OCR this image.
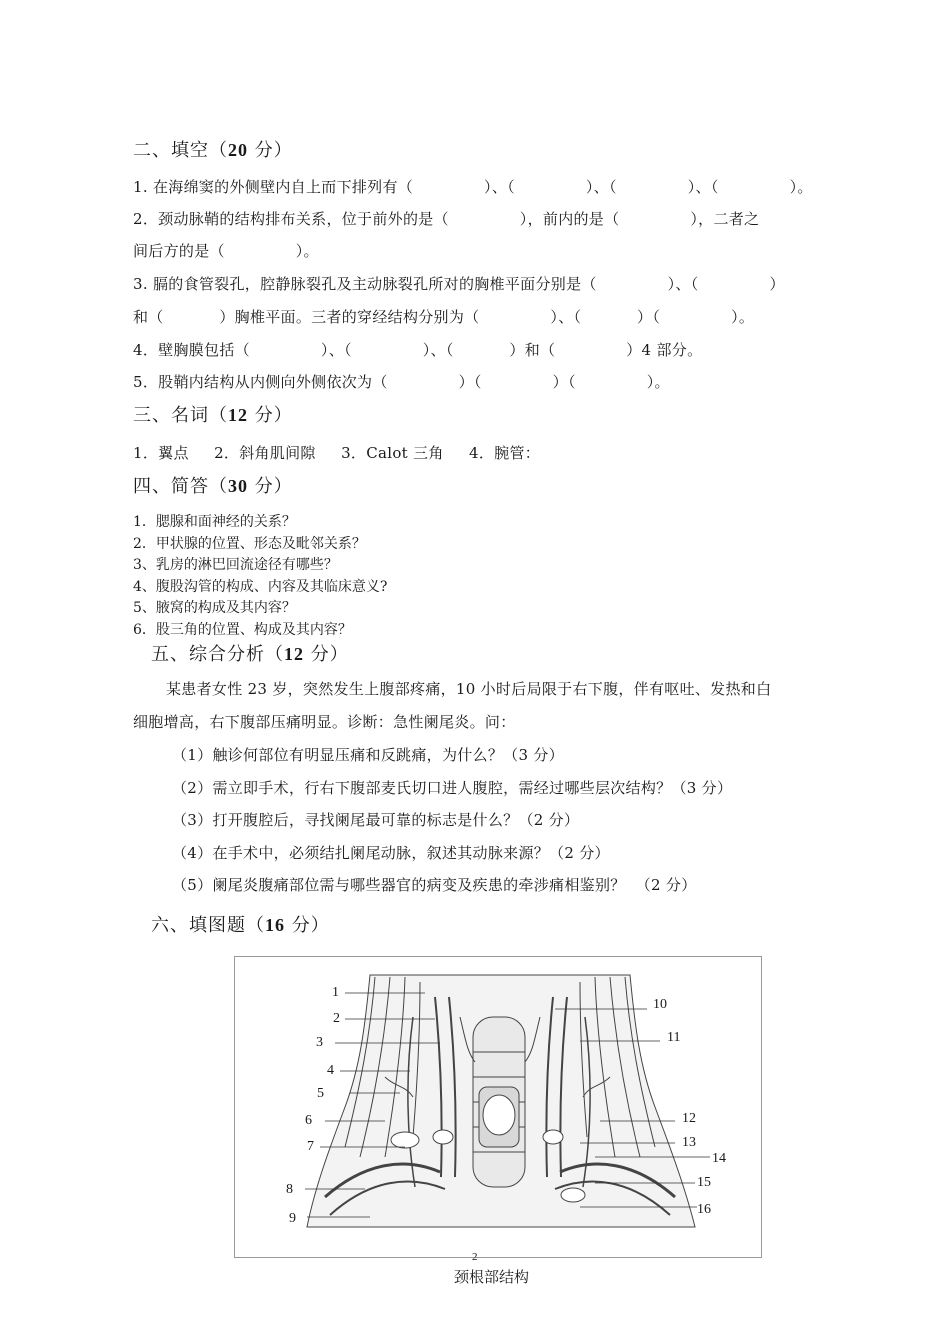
二、填空（20 分）
1. 在海绵窦的外侧壁内自上而下排列有（              ）、（              ）、（              ）、（              ）。
2．颈动脉鞘的结构排布关系，位于前外的是（              ），前内的是（              ），二者之
间后方的是（              ）。
3. 膈的食管裂孔，腔静脉裂孔及主动脉裂孔所对的胸椎平面分别是（              ）、（              ）
和（           ）胸椎平面。三者的穿经结构分别为（              ）、（           ）（              ）。
4．壁胸膜包括（              ）、（              ）、（           ）和（              ）4 部分。
5．股鞘内结构从内侧向外侧依次为（              ）（              ）（              ）。
三、名词（12 分）
1．翼点     2．斜角肌间隙     3．Calot 三角     4．腕管：
四、简答（30 分）
1．腮腺和面神经的关系？
2．甲状腺的位置、形态及毗邻关系？
3、乳房的淋巴回流途径有哪些？
4、腹股沟管的构成、内容及其临床意义?
5、腋窝的构成及其内容？
6．股三角的位置、构成及其内容？
五、综合分析（12 分）
某患者女性 23 岁，突然发生上腹部疼痛，10 小时后局限于右下腹，伴有呕吐、发热和白
细胞增高，右下腹部压痛明显。诊断：急性阑尾炎。问：
（1）触诊何部位有明显压痛和反跳痛，为什么？（3 分）
（2）需立即手术，行右下腹部麦氏切口进人腹腔，需经过哪些层次结构？（3 分）
（3）打开腹腔后，寻找阑尾最可靠的标志是什么？（2 分）
（4）在手术中，必须结扎阑尾动脉，叙述其动脉来源？（2 分）
（5）阑尾炎腹痛部位需与哪些器官的病变及疾患的牵涉痛相鉴别？  （2 分）
六、填图题（16 分）
1
2
3
4
5
6
7
8
9
10
11
12
13
14
15
16
2
颈根部结构
